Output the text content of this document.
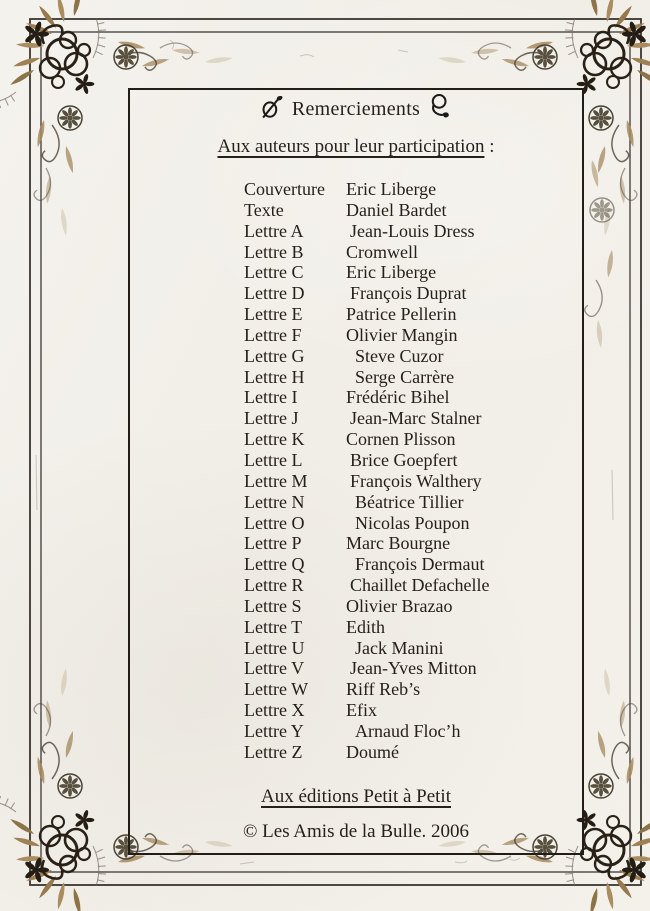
Remerciements
Aux auteurs pour leur participation :
Couverture	Eric Liberge
Texte	Daniel Bardet
Lettre A	Jean-Louis Dress
Lettre B	Cromwell
Lettre C	Eric Liberge
Lettre D	François Duprat
Lettre E	Patrice Pellerin
Lettre F	Olivier Mangin
Lettre G	Steve Cuzor
Lettre H	Serge Carrère
Lettre I	Frédéric Bihel
Lettre J	Jean-Marc Stalner
Lettre K	Cornen Plisson
Lettre L	Brice Goepfert
Lettre M	François Walthery
Lettre N	Béatrice Tillier
Lettre O	Nicolas Poupon
Lettre P	Marc Bourgne
Lettre Q	François Dermaut
Lettre R	Chaillet Defachelle
Lettre S	Olivier Brazao
Lettre T	Edith
Lettre U	Jack Manini
Lettre V	Jean-Yves Mitton
Lettre W	Riff Reb’s
Lettre X	Efix
Lettre Y	Arnaud Floc’h
Lettre Z	Doumé
Aux éditions Petit à Petit
© Les Amis de la Bulle. 2006
